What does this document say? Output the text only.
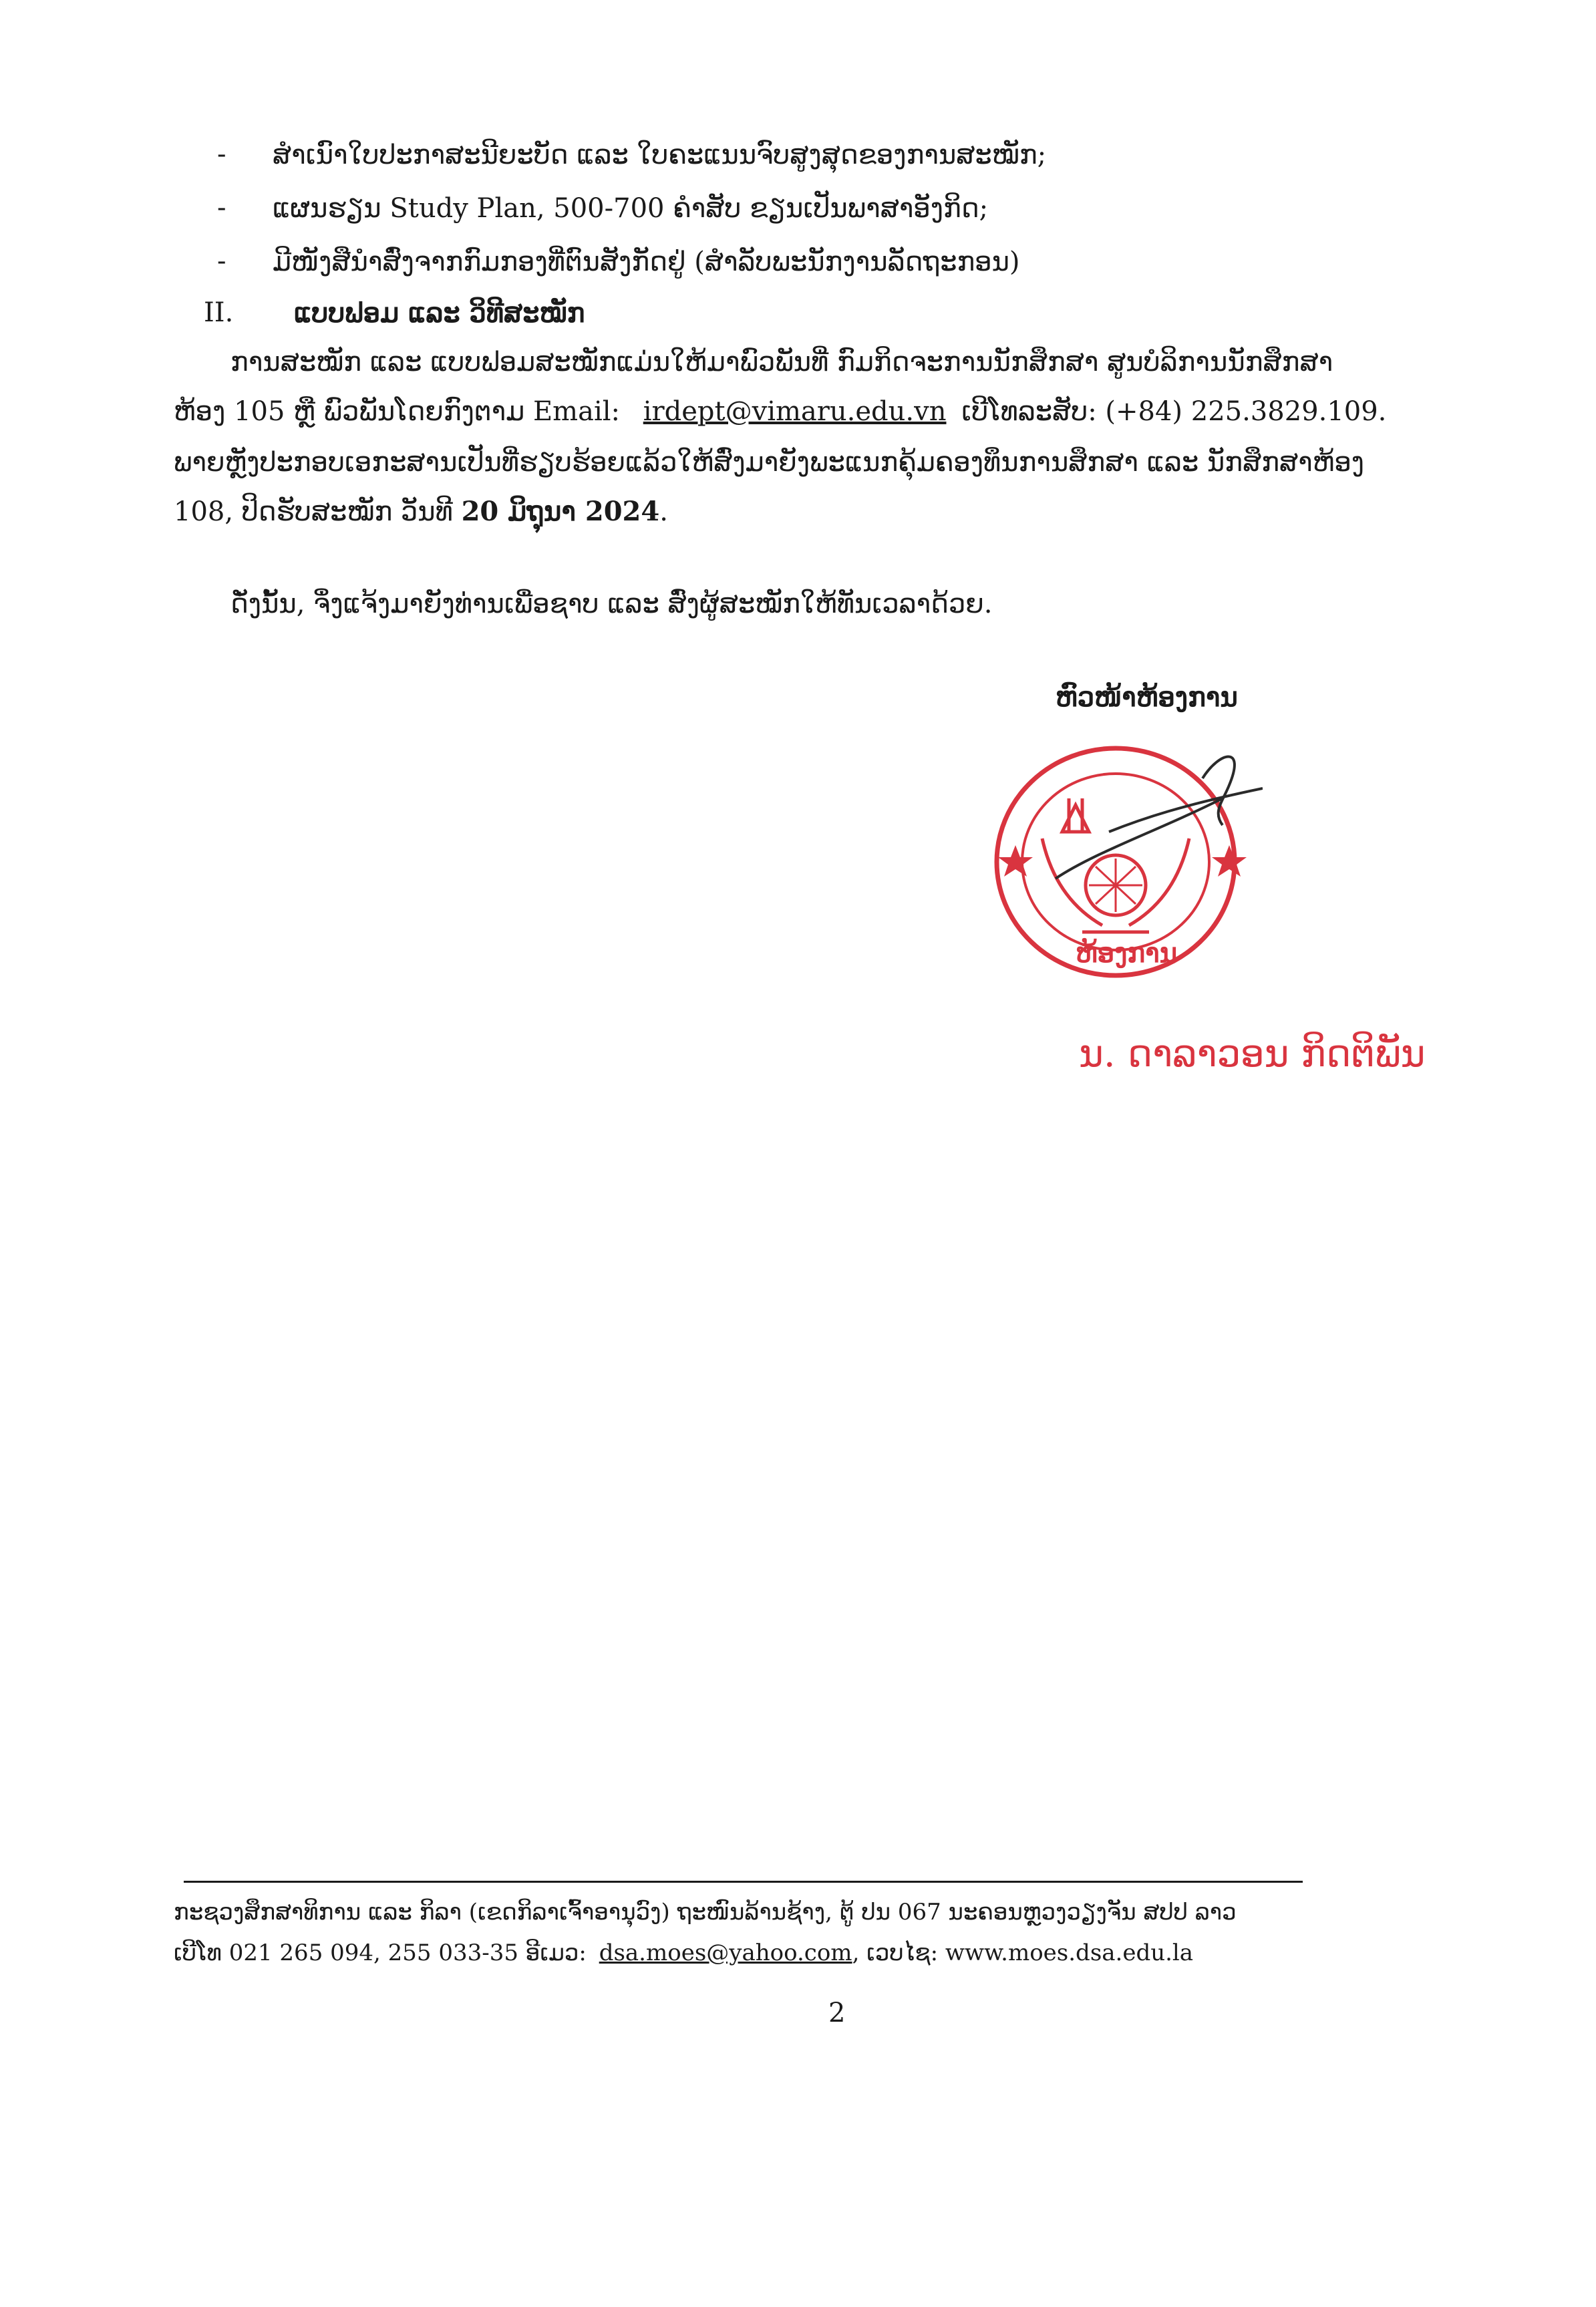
- ສຳເນົາໃບປະກາສະນີຍະບັດ ແລະ ໃບຄະແນນຈົບສູງສຸດຂອງການສະໝັກ;
- ແຜນຮຽນ Study Plan, 500-700 ຄຳສັບ ຂຽນເປັນພາສາອັງກິດ;
- ມີໜັງສືນຳສົ່ງຈາກກົມກອງທີ່ຕົນສັງກັດຢູ່ (ສຳລັບພະນັກງານລັດຖະກອນ)
II. ແບບຟອມ ແລະ ວິທີສະໝັກ
ການສະໝັກ ແລະ ແບບຟອມສະໝັກແມ່ນໃຫ້ມາພົວພັນທີ່ ກົມກິດຈະການນັກສຶກສາ ສູນບໍລິການນັກສຶກສາ
ຫ້ອງ 105 ຫຼື ພົວພັນໂດຍກົງຕາມ Email: irdept@vimaru.edu.vn ເບີໂທລະສັບ: (+84) 225.3829.109.
ພາຍຫຼັງປະກອບເອກະສານເປັນທີ່ຮຽບຮ້ອຍແລ້ວໃຫ້ສົ່ງມາຍັງພະແນກຄຸ້ມຄອງທຶນການສຶກສາ ແລະ ນັກສຶກສາຫ້ອງ
108, ປິດຮັບສະໝັກ ວັນທີ 20 ມິຖຸນາ 2024.
ດັ່ງນັ້ນ, ຈຶ່ງແຈ້ງມາຍັງທ່ານເພື່ອຊາບ ແລະ ສົ່ງຜູ້ສະໝັກໃຫ້ທັນເວລາດ້ວຍ.
ຫົວໜ້າຫ້ອງການ
ຫ້ອງການ
ນ. ດາລາວອນ ກິດຕິພັນ
ກະຊວງສຶກສາທິການ ແລະ ກິລາ (ເຂດກິລາເຈົ້າອານຸວົງ) ຖະໜົນລ້ານຊ້າງ, ຕູ້ ປນ 067 ນະຄອນຫຼວງວຽງຈັນ ສປປ ລາວ
ເບີໂທ 021 265 094, 255 033-35 ອີເມວ: dsa.moes@yahoo.com, ເວບໄຊ: www.moes.dsa.edu.la
2
